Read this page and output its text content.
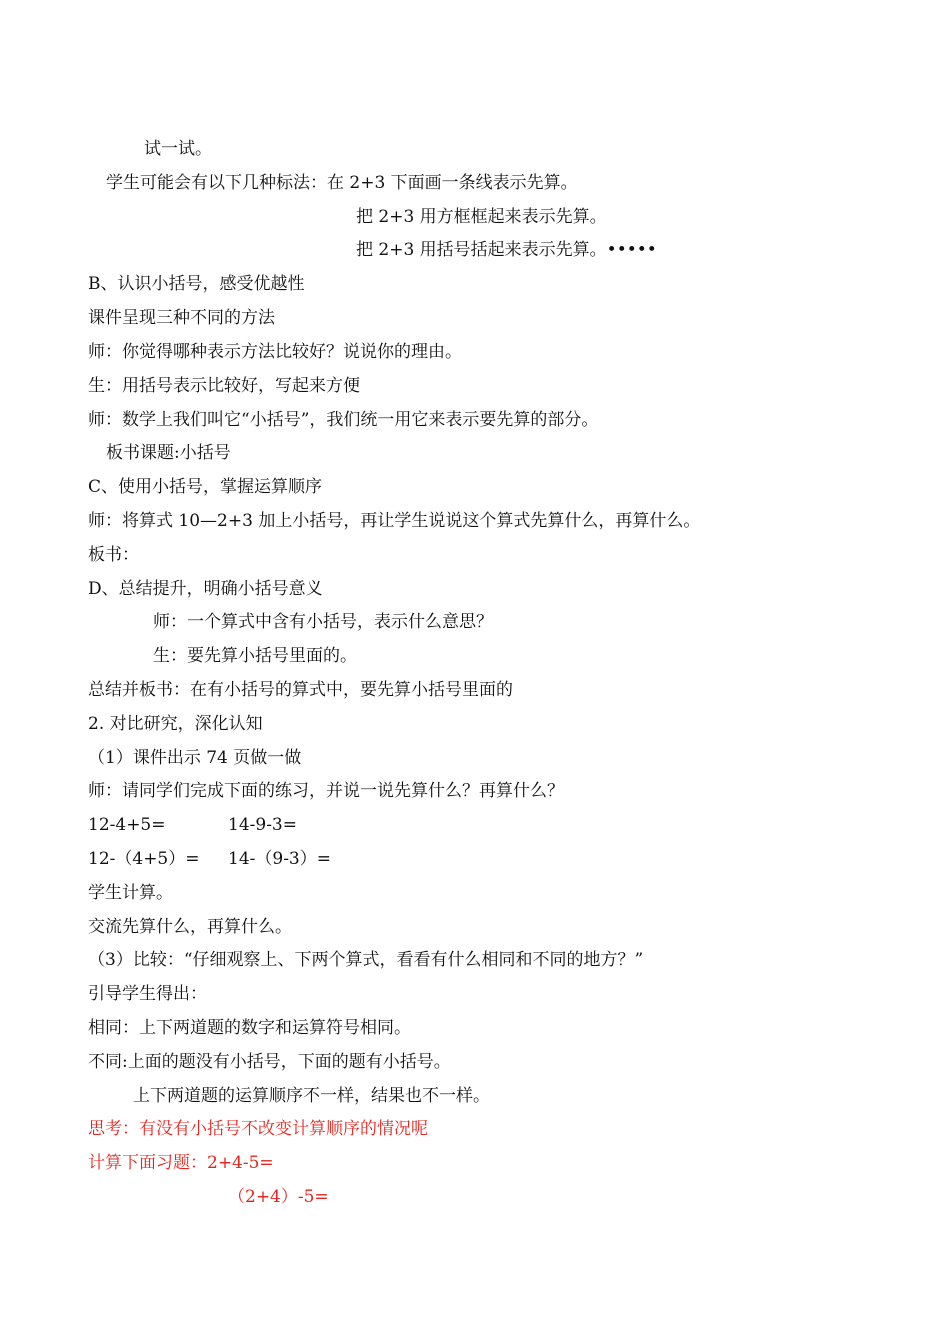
试一试。
学生可能会有以下几种标法：在 2+3 下面画一条线表示先算。
把 2+3 用方框框起来表示先算。
把 2+3 用括号括起来表示先算。•••••
B、认识小括号，感受优越性
课件呈现三种不同的方法
师：你觉得哪种表示方法比较好？说说你的理由。
生：用括号表示比较好，写起来方便
师：数学上我们叫它“小括号”，我们统一用它来表示要先算的部分。
板书课题:小括号
C、使用小括号，掌握运算顺序
师：将算式 10—2+3 加上小括号，再让学生说说这个算式先算什么，再算什么。
板书：
D、总结提升，明确小括号意义
师：一个算式中含有小括号，表示什么意思？
生：要先算小括号里面的。
总结并板书：在有小括号的算式中，要先算小括号里面的
2. 对比研究，深化认知
（1）课件出示 74 页做一做
师：请同学们完成下面的练习，并说一说先算什么？再算什么？
12-4+5=	14-9-3=
12-（4+5）= 14-（9-3）=
学生计算。
交流先算什么，再算什么。
（3）比较：“仔细观察上、下两个算式，看看有什么相同和不同的地方？”
引导学生得出：
相同：上下两道题的数字和运算符号相同。
不同:上面的题没有小括号，下面的题有小括号。
上下两道题的运算顺序不一样，结果也不一样。
思考：有没有小括号不改变计算顺序的情况呢
计算下面习题：2+4-5=
（2+4）-5=
